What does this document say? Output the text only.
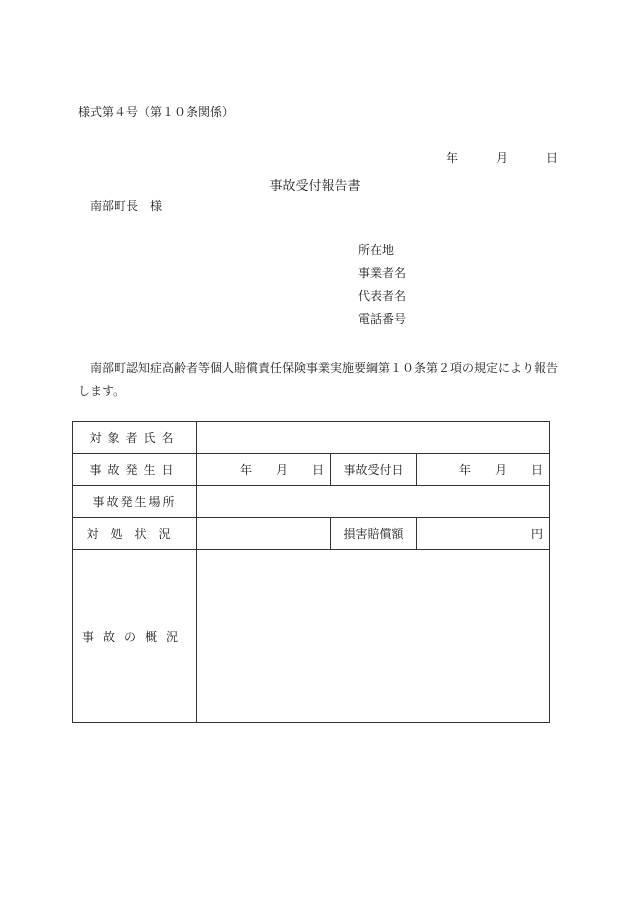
様式第４号（第１０条関係）
年	月	日
事故受付報告書
南部町長　様
所在地
事業者名
代表者名
電話番号
南部町認知症高齢者等個人賠償責任保険事業実施要綱第１０条第２項の規定により報告します。
対象者氏名			
事故発生日	年 月 日	事故受付日	年 月 日
事故発生場所			
対処状況		損害賠償額	円
事故の概況			
